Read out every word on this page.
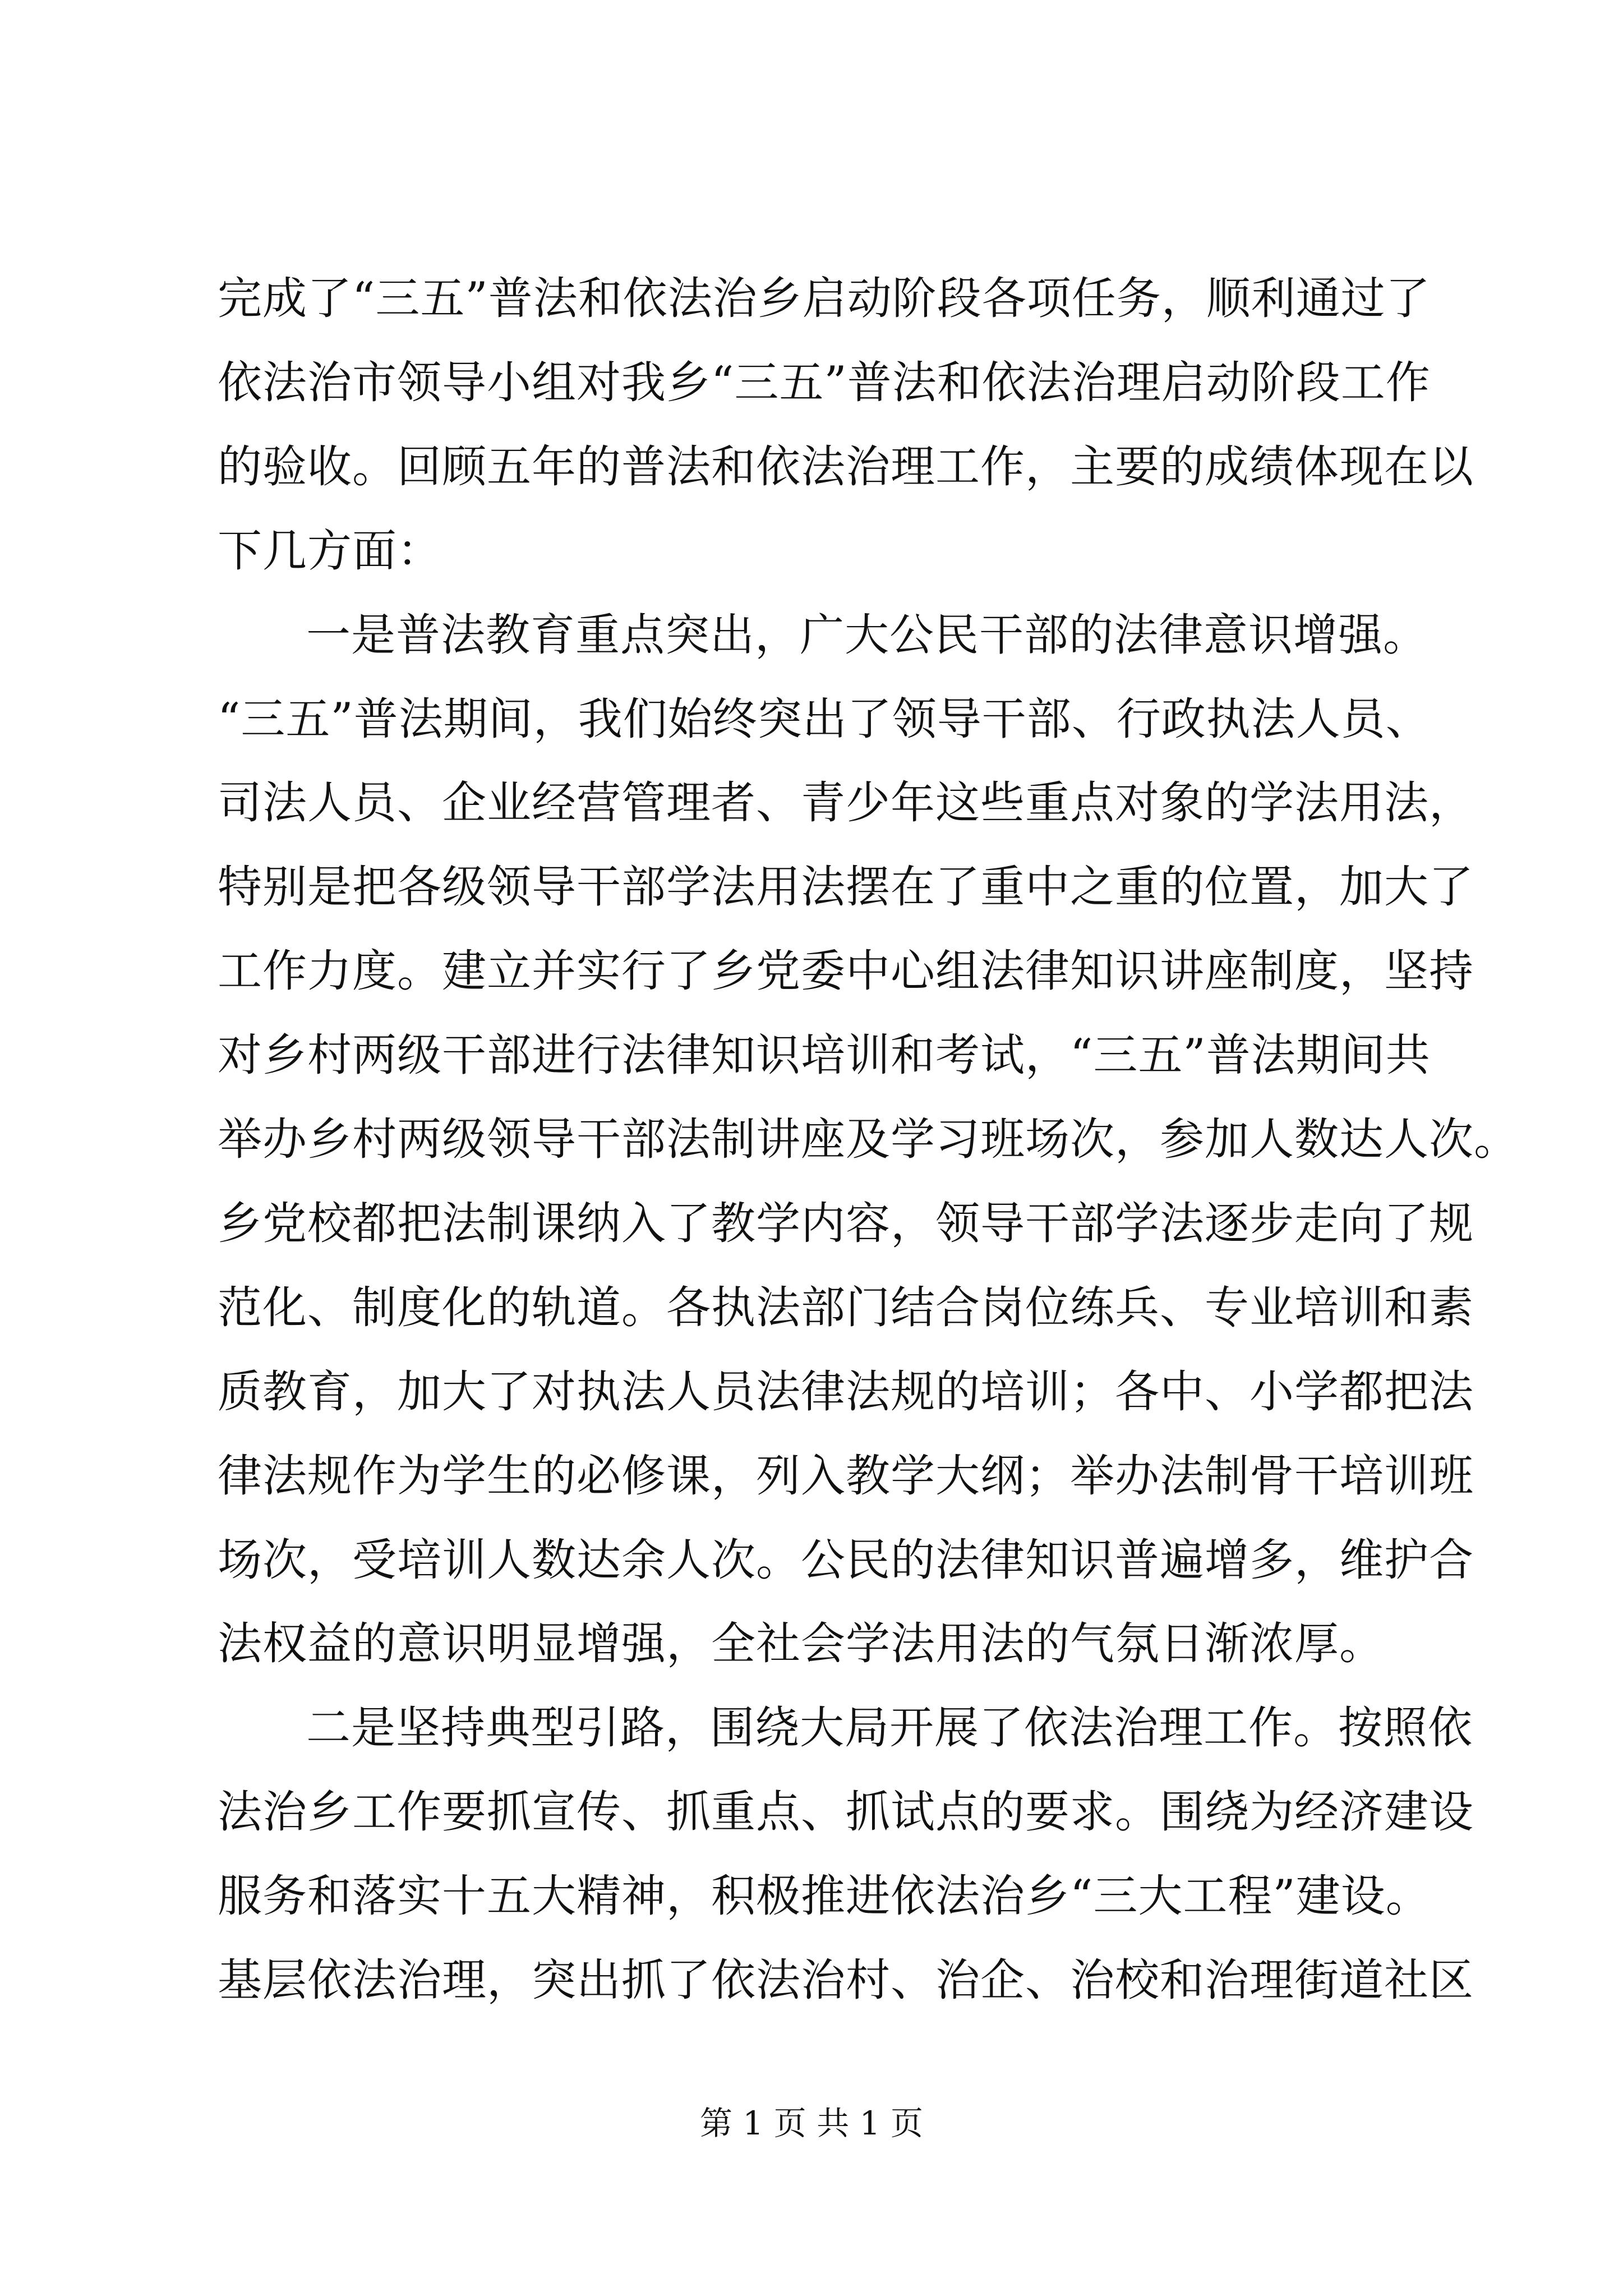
完成了“三五”普法和依法治乡启动阶段各项任务，顺利通过了
依法治市领导小组对我乡“三五”普法和依法治理启动阶段工作
的验收。回顾五年的普法和依法治理工作，主要的成绩体现在以
下几方面：
一是普法教育重点突出，广大公民干部的法律意识增强。
“三五”普法期间，我们始终突出了领导干部、行政执法人员、
司法人员、企业经营管理者、青少年这些重点对象的学法用法，
特别是把各级领导干部学法用法摆在了重中之重的位置，加大了
工作力度。建立并实行了乡党委中心组法律知识讲座制度，坚持
对乡村两级干部进行法律知识培训和考试，“三五”普法期间共
举办乡村两级领导干部法制讲座及学习班场次，参加人数达人次。
乡党校都把法制课纳入了教学内容，领导干部学法逐步走向了规
范化、制度化的轨道。各执法部门结合岗位练兵、专业培训和素
质教育，加大了对执法人员法律法规的培训；各中、小学都把法
律法规作为学生的必修课，列入教学大纲；举办法制骨干培训班
场次，受培训人数达余人次。公民的法律知识普遍增多，维护合
法权益的意识明显增强，全社会学法用法的气氛日渐浓厚。
二是坚持典型引路，围绕大局开展了依法治理工作。按照依
法治乡工作要抓宣传、抓重点、抓试点的要求。围绕为经济建设
第 1 页 共 1 页
服务和落实十五大精神，积极推进依法治乡“三大工程”建设。
基层依法治理，突出抓了依法治村、治企、治校和治理街道社区
